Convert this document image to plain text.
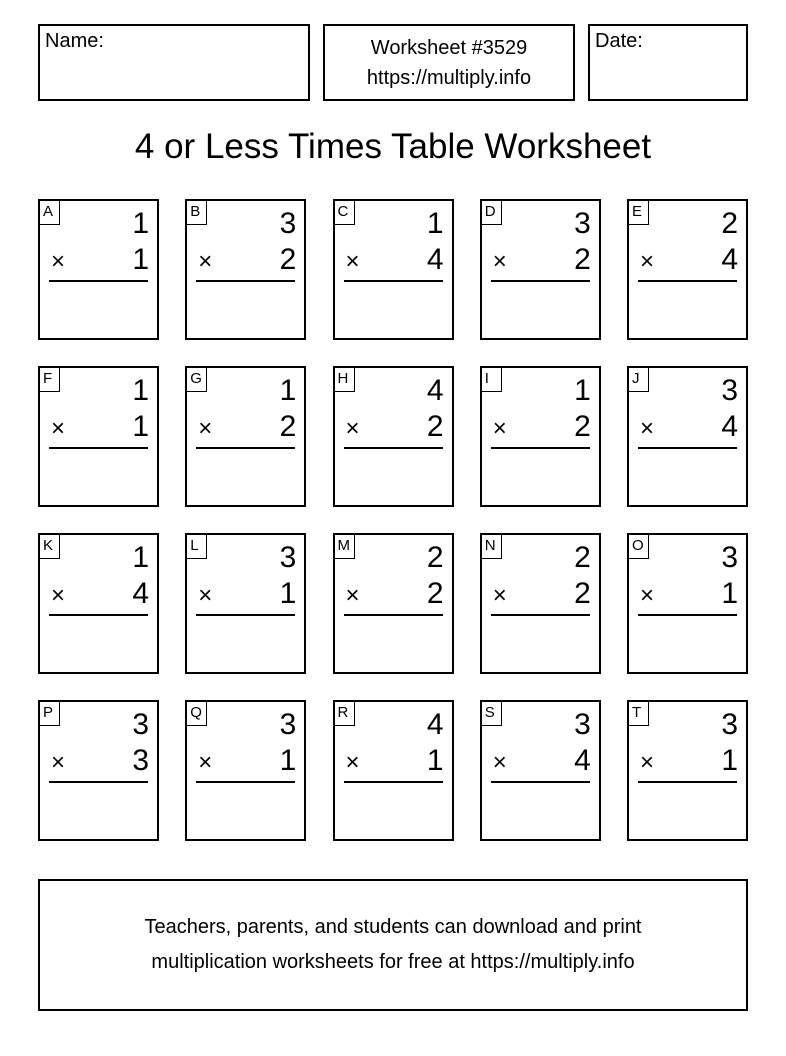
Name:	Worksheet #3529
https://multiply.info
Date:
4 or Less Times Table Worksheet
A	1
× 1
B	3
× 2
C	1
× 4
D	3
× 2
E	2
× 4
F	1
× 1
G	1
× 2
H	4
× 2
I	1
× 2
J	3
× 4
K	1
× 4
L	3
× 1
M	2
× 2
N	2
× 2
O	3
× 1
P	3
× 3
Q	3
× 1
R	4
× 1
S	3
× 4
T	3
× 1
Teachers, parents, and students can download and print
multiplication worksheets for free at https://multiply.info
